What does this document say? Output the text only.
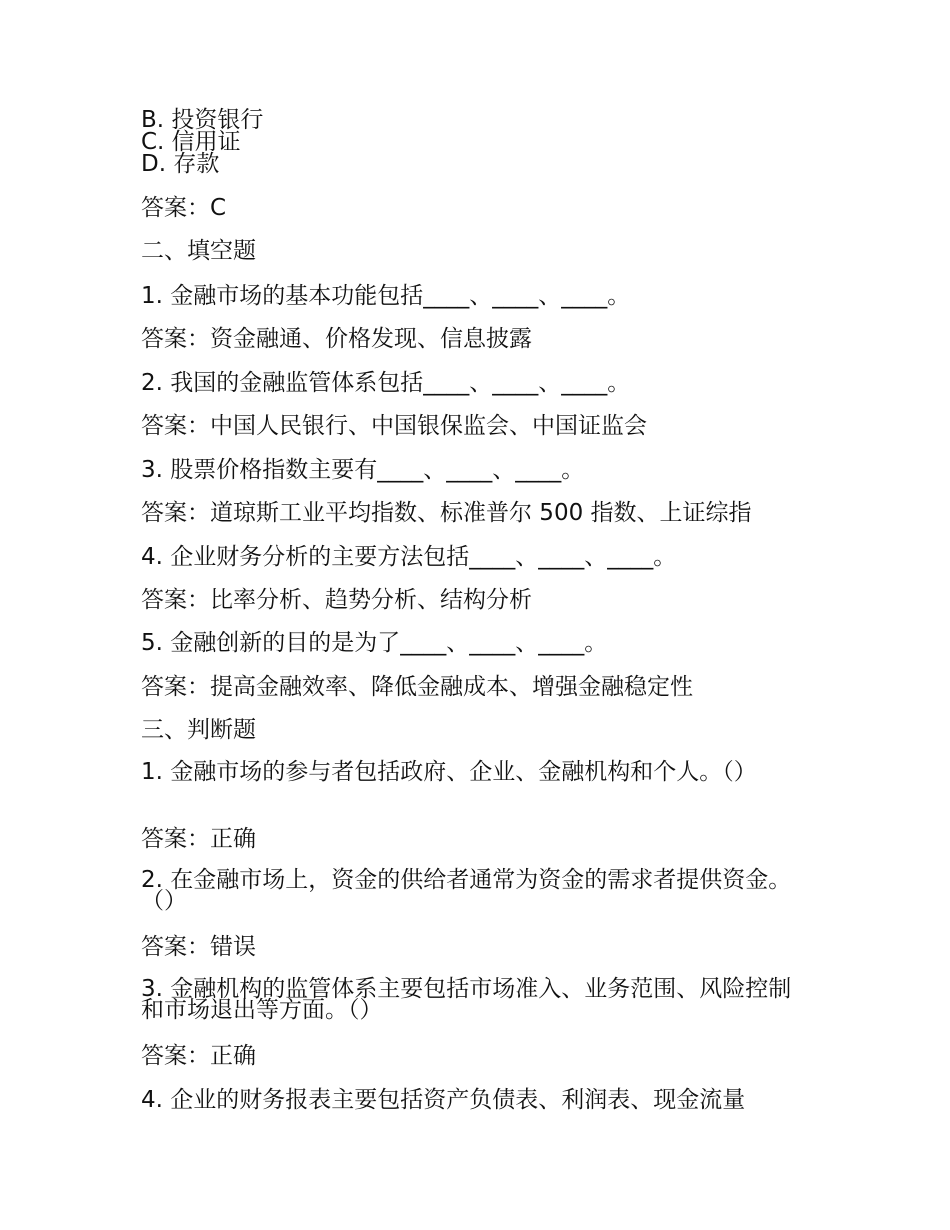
B. 投资银行
C. 信用证
D. 存款
答案：C
二、填空题
1. 金融市场的基本功能包括____、____、____。
答案：资金融通、价格发现、信息披露
2. 我国的金融监管体系包括____、____、____。
答案：中国人民银行、中国银保监会、中国证监会
3. 股票价格指数主要有____、____、____。
答案：道琼斯工业平均指数、标准普尔 500 指数、上证综指
4. 企业财务分析的主要方法包括____、____、____。
答案：比率分析、趋势分析、结构分析
5. 金融创新的目的是为了____、____、____。
答案：提高金融效率、降低金融成本、增强金融稳定性
三、判断题
1. 金融市场的参与者包括政府、企业、金融机构和个人。（）
答案：正确
2. 在金融市场上，资金的供给者通常为资金的需求者提供资金。（）
答案：错误
3. 金融机构的监管体系主要包括市场准入、业务范围、风险控制和市场退出等方面。（）
答案：正确
4. 企业的财务报表主要包括资产负债表、利润表、现金流量
